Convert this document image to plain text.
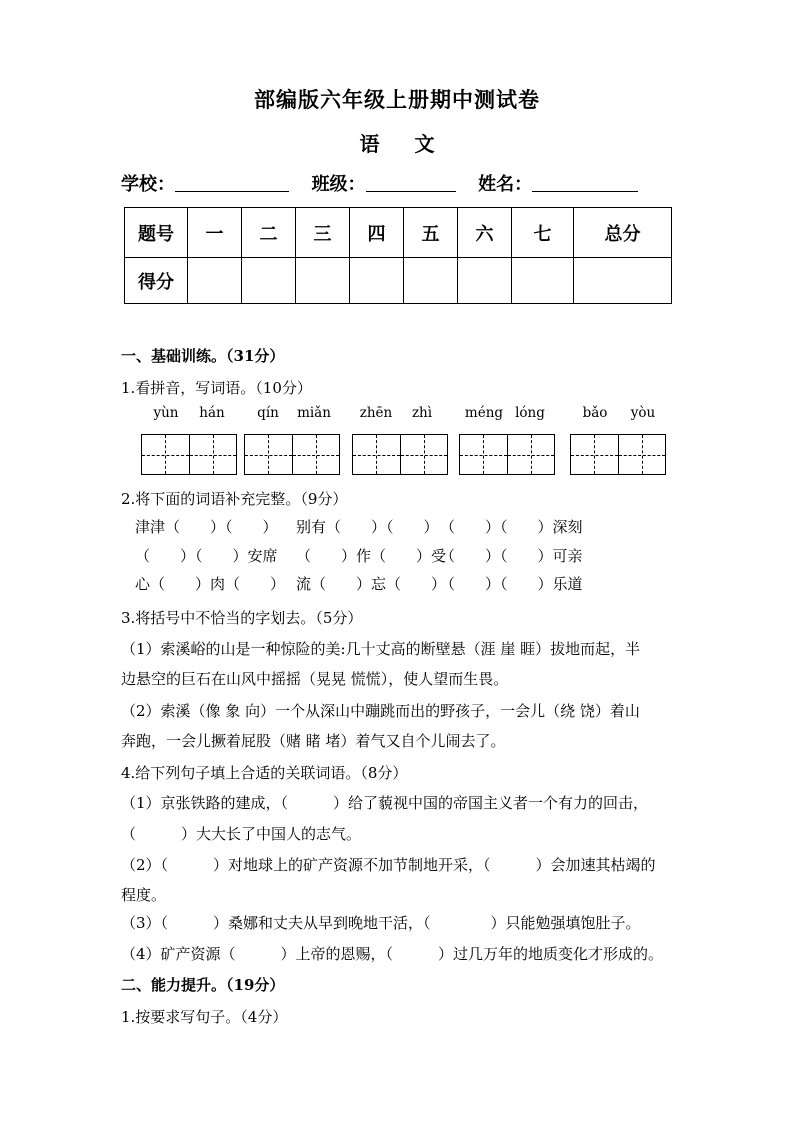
部编版六年级上册期中测试卷
语 文
学校：	班级：	姓名：
题号	一	二	三	四	五	六	七	总分
得分								
一、基础训练。（31分）
1.看拼音，写词语。（10分）
yùn	hán	qín	miǎn	zhēn	zhì	méng lóng	bǎo	yòu
2.将下面的词语补充完整。（9分）
津津（　　）（　　） 别有（　　）（　　） （　　）（　　）深刻
（　　）（　　）安席 （　　）作（　　）受
（　　）（　　）可亲
心（　　）肉（　　） 流（　　）忘（　　）
（　　）（　　）乐道
3.将括号中不恰当的字划去。（5分）
（1）索溪峪的山是一种惊险的美:几十丈高的断壁悬（涯 崖 睚）拔地而起，半
边悬空的巨石在山风中摇摇（晃晃 慌慌），使人望而生畏。
（2）索溪（像 象 向）一个从深山中蹦跳而出的野孩子，一会儿（绕 饶）着山
奔跑，一会儿撅着屁股（赌 睹 堵）着气又自个儿闹去了。
4.给下列句子填上合适的关联词语。（8分）
（1）京张铁路的建成，（　　　）给了藐视中国的帝国主义者一个有力的回击，
（　　　）大大长了中国人的志气。
（2）（　　　）对地球上的矿产资源不加节制地开采，（　　　）会加速其枯竭的
程度。
（3）（　　　）桑娜和丈夫从早到晚地干活，（　　　　）只能勉强填饱肚子。
（4）矿产资源（　　　）上帝的恩赐，（　　　）过几万年的地质变化才形成的。
二、能力提升。（19分）
1.按要求写句子。（4分）
